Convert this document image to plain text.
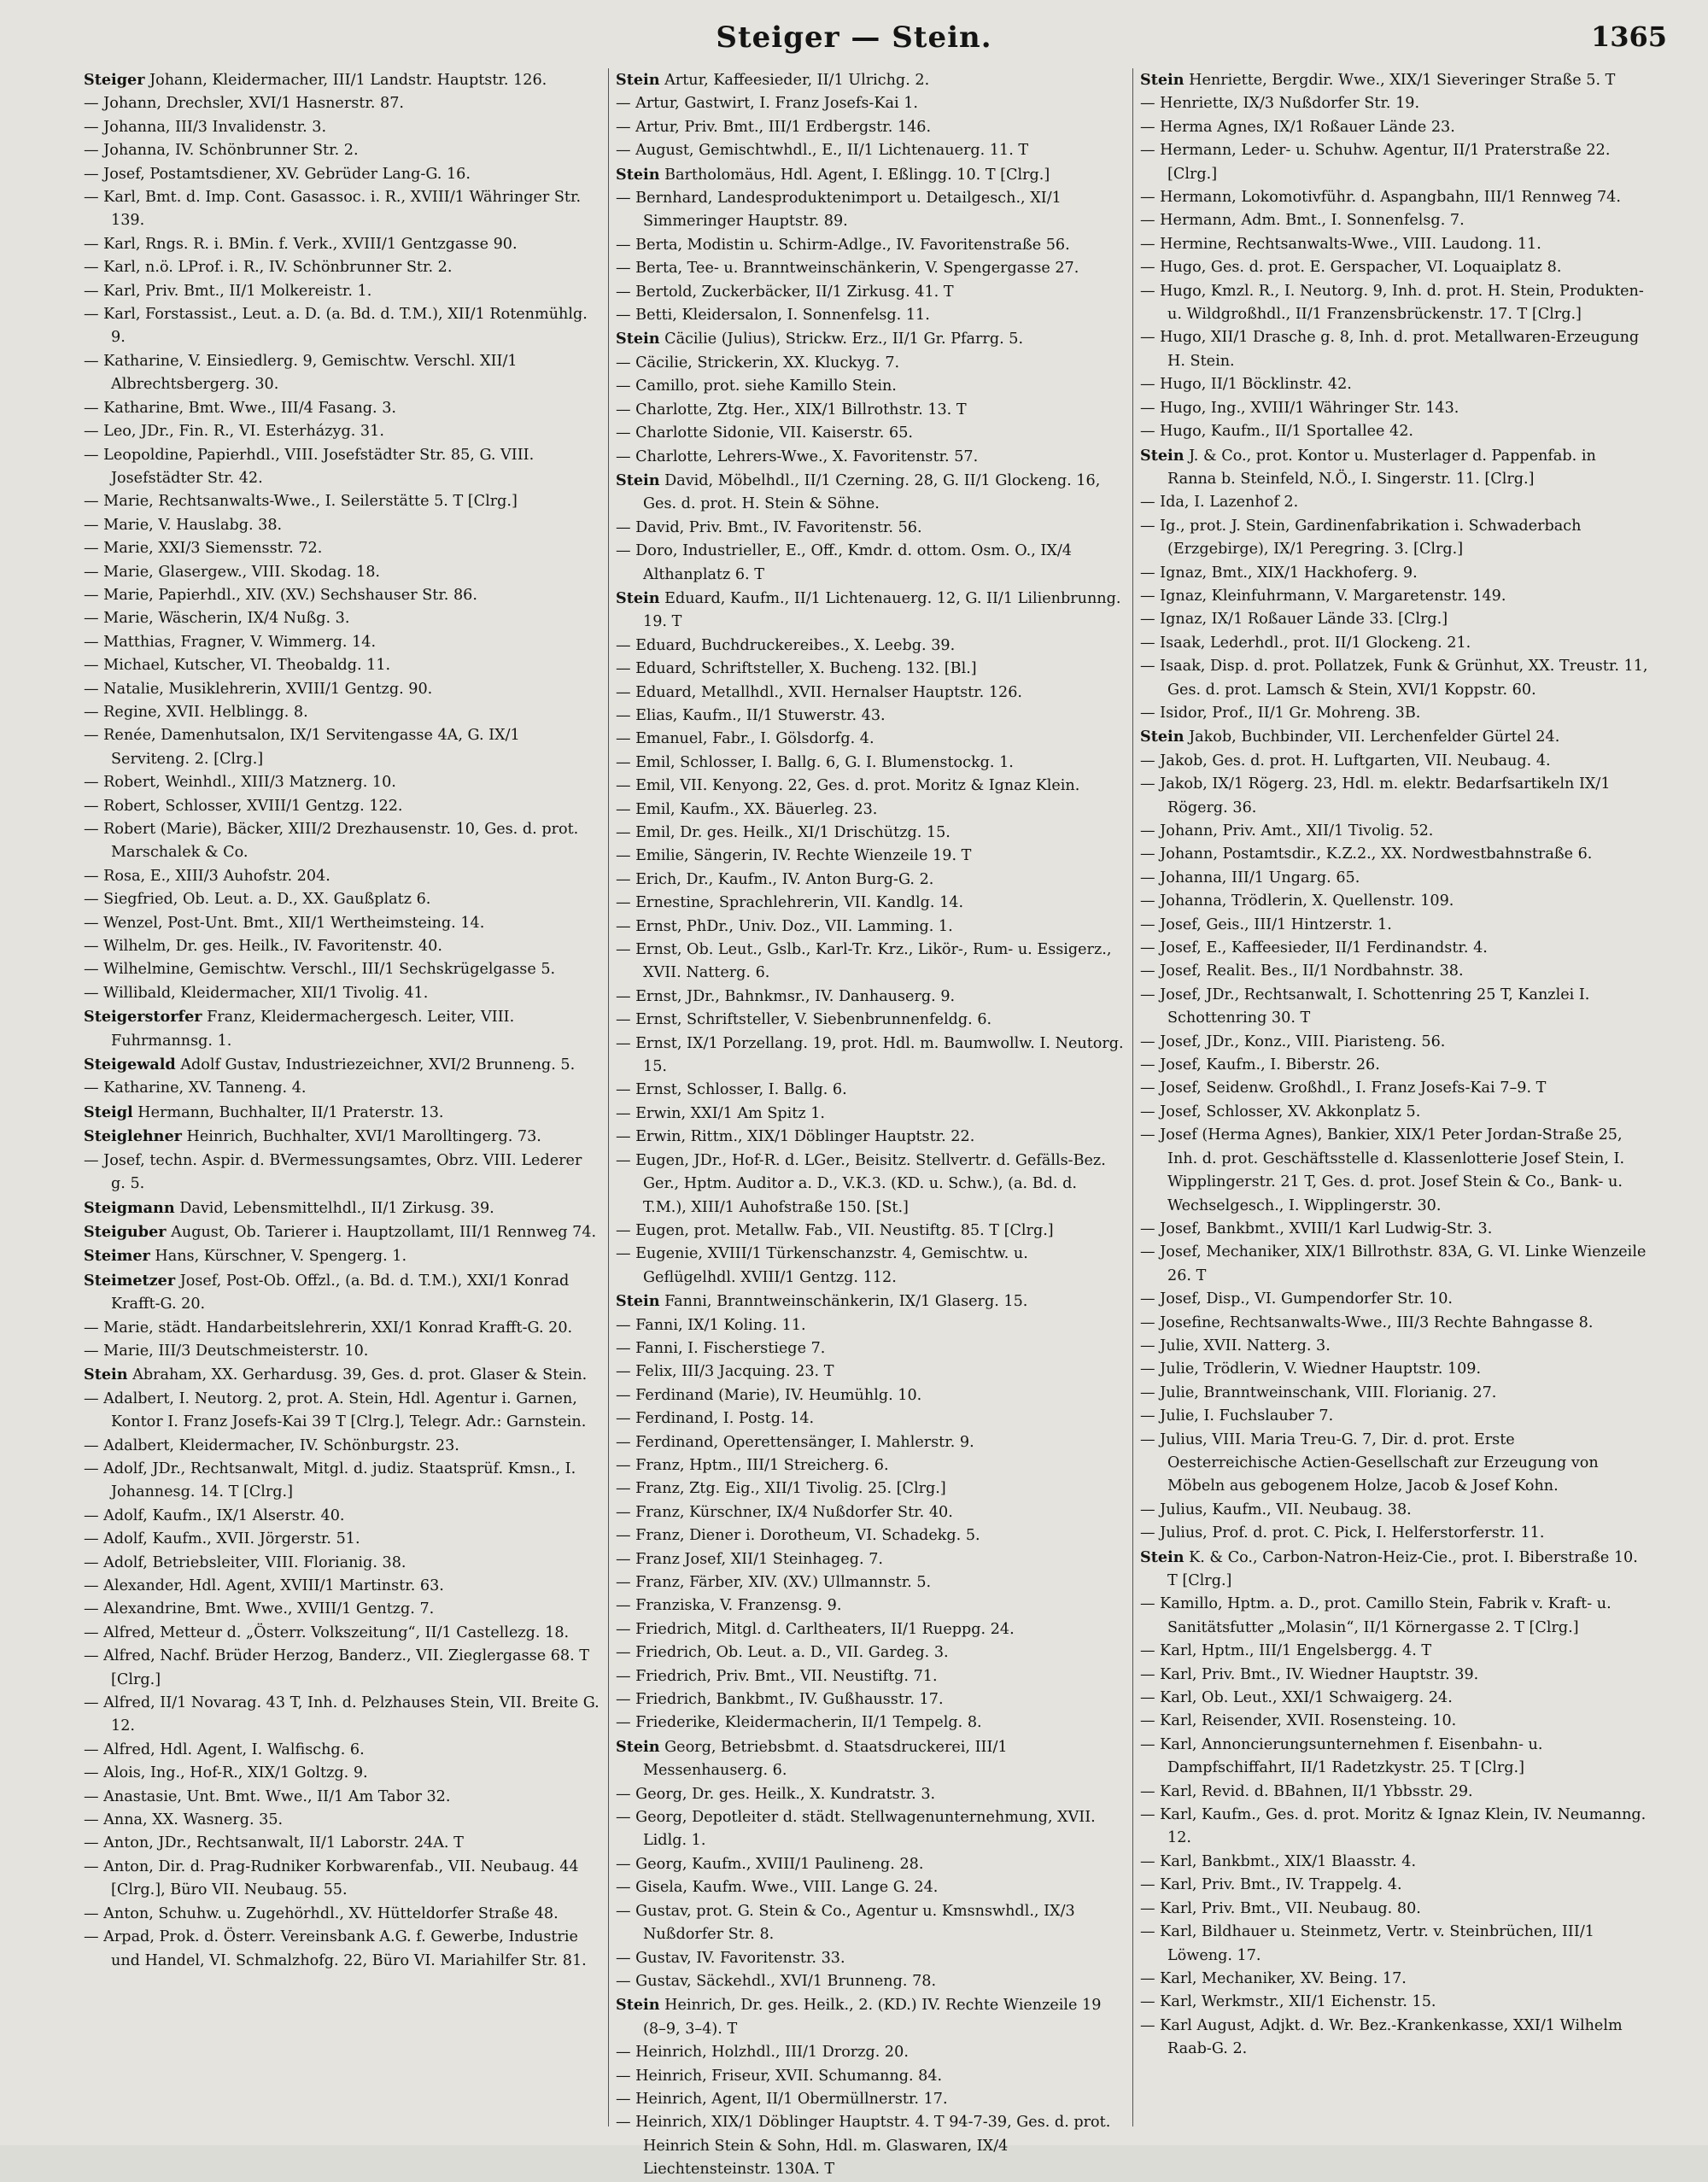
Steiger — Stein.	1365
Steiger Johann, Kleidermacher, III/1 Landstr. Hauptstr. 126.
— Johann, Drechsler, XVI/1 Hasnerstr. 87.
— Johanna, III/3 Invalidenstr. 3.
— Johanna, IV. Schönbrunner Str. 2.
— Josef, Postamtsdiener, XV. Gebrüder Lang-G. 16.
— Karl, Bmt. d. Imp. Cont. Gasassoc. i. R., XVIII/1 Währinger Str. 139.
— Karl, Rngs. R. i. BMin. f. Verk., XVIII/1 Gentzgasse 90.
— Karl, n.ö. LProf. i. R., IV. Schönbrunner Str. 2.
— Karl, Priv. Bmt., II/1 Molkereistr. 1.
— Karl, Forstassist., Leut. a. D. (a. Bd. d. T.M.), XII/1 Rotenmühlg. 9.
— Katharine, V. Einsiedlerg. 9, Gemischtw. Verschl. XII/1 Albrechtsbergerg. 30.
— Katharine, Bmt. Wwe., III/4 Fasang. 3.
— Leo, JDr., Fin. R., VI. Esterházyg. 31.
— Leopoldine, Papierhdl., VIII. Josefstädter Str. 85, G. VIII. Josefstädter Str. 42.
— Marie, Rechtsanwalts-Wwe., I. Seilerstätte 5. T [Clrg.]
— Marie, V. Hauslabg. 38.
— Marie, XXI/3 Siemensstr. 72.
— Marie, Glasergew., VIII. Skodag. 18.
— Marie, Papierhdl., XIV. (XV.) Sechshauser Str. 86.
— Marie, Wäscherin, IX/4 Nußg. 3.
— Matthias, Fragner, V. Wimmerg. 14.
— Michael, Kutscher, VI. Theobaldg. 11.
— Natalie, Musiklehrerin, XVIII/1 Gentzg. 90.
— Regine, XVII. Helblingg. 8.
— Renée, Damenhutsalon, IX/1 Servitengasse 4A, G. IX/1 Serviteng. 2. [Clrg.]
— Robert, Weinhdl., XIII/3 Matznerg. 10.
— Robert, Schlosser, XVIII/1 Gentzg. 122.
— Robert (Marie), Bäcker, XIII/2 Drezhausenstr. 10, Ges. d. prot. Marschalek & Co.
— Rosa, E., XIII/3 Auhofstr. 204.
— Siegfried, Ob. Leut. a. D., XX. Gaußplatz 6.
— Wenzel, Post-Unt. Bmt., XII/1 Wertheimsteing. 14.
— Wilhelm, Dr. ges. Heilk., IV. Favoritenstr. 40.
— Wilhelmine, Gemischtw. Verschl., III/1 Sechskrügelgasse 5.
— Willibald, Kleidermacher, XII/1 Tivolig. 41.
Steigerstorfer Franz, Kleidermachergesch. Leiter, VIII. Fuhrmannsg. 1.
Steigewald Adolf Gustav, Industriezeichner, XVI/2 Brunneng. 5.
— Katharine, XV. Tanneng. 4.
Steigl Hermann, Buchhalter, II/1 Praterstr. 13.
Steiglehner Heinrich, Buchhalter, XVI/1 Marolltingerg. 73.
— Josef, techn. Aspir. d. BVermessungsamtes, Obrz. VIII. Lederer g. 5.
Steigmann David, Lebensmittelhdl., II/1 Zirkusg. 39.
Steiguber August, Ob. Tarierer i. Hauptzollamt, III/1 Rennweg 74.
Steimer Hans, Kürschner, V. Spengerg. 1.
Steimetzer Josef, Post-Ob. Offzl., (a. Bd. d. T.M.), XXI/1 Konrad Krafft-G. 20.
— Marie, städt. Handarbeitslehrerin, XXI/1 Konrad Krafft-G. 20.
— Marie, III/3 Deutschmeisterstr. 10.
Stein Abraham, XX. Gerhardusg. 39, Ges. d. prot. Glaser & Stein.
— Adalbert, I. Neutorg. 2, prot. A. Stein, Hdl. Agentur i. Garnen, Kontor I. Franz Josefs-Kai 39 T [Clrg.], Telegr. Adr.: Garnstein.
— Adalbert, Kleidermacher, IV. Schönburgstr. 23.
— Adolf, JDr., Rechtsanwalt, Mitgl. d. judiz. Staatsprüf. Kmsn., I. Johannesg. 14. T [Clrg.]
— Adolf, Kaufm., IX/1 Alserstr. 40.
— Adolf, Kaufm., XVII. Jörgerstr. 51.
— Adolf, Betriebsleiter, VIII. Florianig. 38.
— Alexander, Hdl. Agent, XVIII/1 Martinstr. 63.
— Alexandrine, Bmt. Wwe., XVIII/1 Gentzg. 7.
— Alfred, Metteur d. „Österr. Volkszeitung“, II/1 Castellezg. 18.
— Alfred, Nachf. Brüder Herzog, Banderz., VII. Zieglergasse 68. T [Clrg.]
— Alfred, II/1 Novarag. 43 T, Inh. d. Pelzhauses Stein, VII. Breite G. 12.
— Alfred, Hdl. Agent, I. Walfischg. 6.
— Alois, Ing., Hof-R., XIX/1 Goltzg. 9.
— Anastasie, Unt. Bmt. Wwe., II/1 Am Tabor 32.
— Anna, XX. Wasnerg. 35.
— Anton, JDr., Rechtsanwalt, II/1 Laborstr. 24A. T
— Anton, Dir. d. Prag-Rudniker Korbwarenfab., VII. Neubaug. 44 [Clrg.], Büro VII. Neubaug. 55.
— Anton, Schuhw. u. Zugehörhdl., XV. Hütteldorfer Straße 48.
— Arpad, Prok. d. Österr. Vereinsbank A.G. f. Gewerbe, Industrie und Handel, VI. Schmalzhofg. 22, Büro VI. Mariahilfer Str. 81.
Stein Artur, Kaffeesieder, II/1 Ulrichg. 2.
— Artur, Gastwirt, I. Franz Josefs-Kai 1.
— Artur, Priv. Bmt., III/1 Erdbergstr. 146.
— August, Gemischtwhdl., E., II/1 Lichtenauerg. 11. T
Stein Bartholomäus, Hdl. Agent, I. Eßlingg. 10. T [Clrg.]
— Bernhard, Landesproduktenimport u. Detailgesch., XI/1 Simmeringer Hauptstr. 89.
— Berta, Modistin u. Schirm-Adlge., IV. Favoritenstraße 56.
— Berta, Tee- u. Branntweinschänkerin, V. Spengergasse 27.
— Bertold, Zuckerbäcker, II/1 Zirkusg. 41. T
— Betti, Kleidersalon, I. Sonnenfelsg. 11.
Stein Cäcilie (Julius), Strickw. Erz., II/1 Gr. Pfarrg. 5.
— Cäcilie, Strickerin, XX. Kluckyg. 7.
— Camillo, prot. siehe Kamillo Stein.
— Charlotte, Ztg. Her., XIX/1 Billrothstr. 13. T
— Charlotte Sidonie, VII. Kaiserstr. 65.
— Charlotte, Lehrers-Wwe., X. Favoritenstr. 57.
Stein David, Möbelhdl., II/1 Czerning. 28, G. II/1 Glockeng. 16, Ges. d. prot. H. Stein & Söhne.
— David, Priv. Bmt., IV. Favoritenstr. 56.
— Doro, Industrieller, E., Off., Kmdr. d. ottom. Osm. O., IX/4 Althanplatz 6. T
Stein Eduard, Kaufm., II/1 Lichtenauerg. 12, G. II/1 Lilienbrunng. 19. T
— Eduard, Buchdruckereibes., X. Leebg. 39.
— Eduard, Schriftsteller, X. Bucheng. 132. [Bl.]
— Eduard, Metallhdl., XVII. Hernalser Hauptstr. 126.
— Elias, Kaufm., II/1 Stuwerstr. 43.
— Emanuel, Fabr., I. Gölsdorfg. 4.
— Emil, Schlosser, I. Ballg. 6, G. I. Blumenstockg. 1.
— Emil, VII. Kenyong. 22, Ges. d. prot. Moritz & Ignaz Klein.
— Emil, Kaufm., XX. Bäuerleg. 23.
— Emil, Dr. ges. Heilk., XI/1 Drischützg. 15.
— Emilie, Sängerin, IV. Rechte Wienzeile 19. T
— Erich, Dr., Kaufm., IV. Anton Burg-G. 2.
— Ernestine, Sprachlehrerin, VII. Kandlg. 14.
— Ernst, PhDr., Univ. Doz., VII. Lamming. 1.
— Ernst, Ob. Leut., Gslb., Karl-Tr. Krz., Likör-, Rum- u. Essigerz., XVII. Natterg. 6.
— Ernst, JDr., Bahnkmsr., IV. Danhauserg. 9.
— Ernst, Schriftsteller, V. Siebenbrunnenfeldg. 6.
— Ernst, IX/1 Porzellang. 19, prot. Hdl. m. Baumwollw. I. Neutorg. 15.
— Ernst, Schlosser, I. Ballg. 6.
— Erwin, XXI/1 Am Spitz 1.
— Erwin, Rittm., XIX/1 Döblinger Hauptstr. 22.
— Eugen, JDr., Hof-R. d. LGer., Beisitz. Stellvertr. d. Gefälls-Bez. Ger., Hptm. Auditor a. D., V.K.3. (KD. u. Schw.), (a. Bd. d. T.M.), XIII/1 Auhofstraße 150. [St.]
— Eugen, prot. Metallw. Fab., VII. Neustiftg. 85. T [Clrg.]
— Eugenie, XVIII/1 Türkenschanzstr. 4, Gemischtw. u. Geflügelhdl. XVIII/1 Gentzg. 112.
Stein Fanni, Branntweinschänkerin, IX/1 Glaserg. 15.
— Fanni, IX/1 Koling. 11.
— Fanni, I. Fischerstiege 7.
— Felix, III/3 Jacquing. 23. T
— Ferdinand (Marie), IV. Heumühlg. 10.
— Ferdinand, I. Postg. 14.
— Ferdinand, Operettensänger, I. Mahlerstr. 9.
— Franz, Hptm., III/1 Streicherg. 6.
— Franz, Ztg. Eig., XII/1 Tivolig. 25. [Clrg.]
— Franz, Kürschner, IX/4 Nußdorfer Str. 40.
— Franz, Diener i. Dorotheum, VI. Schadekg. 5.
— Franz Josef, XII/1 Steinhageg. 7.
— Franz, Färber, XIV. (XV.) Ullmannstr. 5.
— Franziska, V. Franzensg. 9.
— Friedrich, Mitgl. d. Carltheaters, II/1 Rueppg. 24.
— Friedrich, Ob. Leut. a. D., VII. Gardeg. 3.
— Friedrich, Priv. Bmt., VII. Neustiftg. 71.
— Friedrich, Bankbmt., IV. Gußhausstr. 17.
— Friederike, Kleidermacherin, II/1 Tempelg. 8.
Stein Georg, Betriebsbmt. d. Staatsdruckerei, III/1 Messenhauserg. 6.
— Georg, Dr. ges. Heilk., X. Kundratstr. 3.
— Georg, Depotleiter d. städt. Stellwagenunternehmung, XVII. Lidlg. 1.
— Georg, Kaufm., XVIII/1 Paulineng. 28.
— Gisela, Kaufm. Wwe., VIII. Lange G. 24.
— Gustav, prot. G. Stein & Co., Agentur u. Kmsnswhdl., IX/3 Nußdorfer Str. 8.
— Gustav, IV. Favoritenstr. 33.
— Gustav, Säckehdl., XVI/1 Brunneng. 78.
Stein Heinrich, Dr. ges. Heilk., 2. (KD.) IV. Rechte Wienzeile 19 (8–9, 3–4). T
— Heinrich, Holzhdl., III/1 Drorzg. 20.
— Heinrich, Friseur, XVII. Schumanng. 84.
— Heinrich, Agent, II/1 Obermüllnerstr. 17.
— Heinrich, XIX/1 Döblinger Hauptstr. 4. T 94-7-39, Ges. d. prot. Heinrich Stein & Sohn, Hdl. m. Glaswaren, IX/4 Liechtensteinstr. 130A. T
Stein Henriette, Bergdir. Wwe., XIX/1 Sieveringer Straße 5. T
— Henriette, IX/3 Nußdorfer Str. 19.
— Herma Agnes, IX/1 Roßauer Lände 23.
— Hermann, Leder- u. Schuhw. Agentur, II/1 Praterstraße 22. [Clrg.]
— Hermann, Lokomotivführ. d. Aspangbahn, III/1 Rennweg 74.
— Hermann, Adm. Bmt., I. Sonnenfelsg. 7.
— Hermine, Rechtsanwalts-Wwe., VIII. Laudong. 11.
— Hugo, Ges. d. prot. E. Gerspacher, VI. Loquaiplatz 8.
— Hugo, Kmzl. R., I. Neutorg. 9, Inh. d. prot. H. Stein, Produkten- u. Wildgroßhdl., II/1 Franzensbrückenstr. 17. T [Clrg.]
— Hugo, XII/1 Drasche g. 8, Inh. d. prot. Metallwaren-Erzeugung H. Stein.
— Hugo, II/1 Böcklinstr. 42.
— Hugo, Ing., XVIII/1 Währinger Str. 143.
— Hugo, Kaufm., II/1 Sportallee 42.
Stein J. & Co., prot. Kontor u. Musterlager d. Pappenfab. in Ranna b. Steinfeld, N.Ö., I. Singerstr. 11. [Clrg.]
— Ida, I. Lazenhof 2.
— Ig., prot. J. Stein, Gardinenfabrikation i. Schwaderbach (Erzgebirge), IX/1 Peregring. 3. [Clrg.]
— Ignaz, Bmt., XIX/1 Hackhoferg. 9.
— Ignaz, Kleinfuhrmann, V. Margaretenstr. 149.
— Ignaz, IX/1 Roßauer Lände 33. [Clrg.]
— Isaak, Lederhdl., prot. II/1 Glockeng. 21.
— Isaak, Disp. d. prot. Pollatzek, Funk & Grünhut, XX. Treustr. 11, Ges. d. prot. Lamsch & Stein, XVI/1 Koppstr. 60.
— Isidor, Prof., II/1 Gr. Mohreng. 3B.
Stein Jakob, Buchbinder, VII. Lerchenfelder Gürtel 24.
— Jakob, Ges. d. prot. H. Luftgarten, VII. Neubaug. 4.
— Jakob, IX/1 Rögerg. 23, Hdl. m. elektr. Bedarfsartikeln IX/1 Rögerg. 36.
— Johann, Priv. Amt., XII/1 Tivolig. 52.
— Johann, Postamtsdir., K.Z.2., XX. Nordwestbahnstraße 6.
— Johanna, III/1 Ungarg. 65.
— Johanna, Trödlerin, X. Quellenstr. 109.
— Josef, Geis., III/1 Hintzerstr. 1.
— Josef, E., Kaffeesieder, II/1 Ferdinandstr. 4.
— Josef, Realit. Bes., II/1 Nordbahnstr. 38.
— Josef, JDr., Rechtsanwalt, I. Schottenring 25 T, Kanzlei I. Schottenring 30. T
— Josef, JDr., Konz., VIII. Piaristeng. 56.
— Josef, Kaufm., I. Biberstr. 26.
— Josef, Seidenw. Großhdl., I. Franz Josefs-Kai 7–9. T
— Josef, Schlosser, XV. Akkonplatz 5.
— Josef (Herma Agnes), Bankier, XIX/1 Peter Jordan-Straße 25, Inh. d. prot. Geschäftsstelle d. Klassenlotterie Josef Stein, I. Wipplingerstr. 21 T, Ges. d. prot. Josef Stein & Co., Bank- u. Wechselgesch., I. Wipplingerstr. 30.
— Josef, Bankbmt., XVIII/1 Karl Ludwig-Str. 3.
— Josef, Mechaniker, XIX/1 Billrothstr. 83A, G. VI. Linke Wienzeile 26. T
— Josef, Disp., VI. Gumpendorfer Str. 10.
— Josefine, Rechtsanwalts-Wwe., III/3 Rechte Bahngasse 8.
— Julie, XVII. Natterg. 3.
— Julie, Trödlerin, V. Wiedner Hauptstr. 109.
— Julie, Branntweinschank, VIII. Florianig. 27.
— Julie, I. Fuchslauber 7.
— Julius, VIII. Maria Treu-G. 7, Dir. d. prot. Erste Oesterreichische Actien-Gesellschaft zur Erzeugung von Möbeln aus gebogenem Holze, Jacob & Josef Kohn.
— Julius, Kaufm., VII. Neubaug. 38.
— Julius, Prof. d. prot. C. Pick, I. Helferstorferstr. 11.
Stein K. & Co., Carbon-Natron-Heiz-Cie., prot. I. Biberstraße 10. T [Clrg.]
— Kamillo, Hptm. a. D., prot. Camillo Stein, Fabrik v. Kraft- u. Sanitätsfutter „Molasin“, II/1 Körnergasse 2. T [Clrg.]
— Karl, Hptm., III/1 Engelsbergg. 4. T
— Karl, Priv. Bmt., IV. Wiedner Hauptstr. 39.
— Karl, Ob. Leut., XXI/1 Schwaigerg. 24.
— Karl, Reisender, XVII. Rosensteing. 10.
— Karl, Annoncierungsunternehmen f. Eisenbahn- u. Dampfschiffahrt, II/1 Radetzkystr. 25. T [Clrg.]
— Karl, Revid. d. BBahnen, II/1 Ybbsstr. 29.
— Karl, Kaufm., Ges. d. prot. Moritz & Ignaz Klein, IV. Neumanng. 12.
— Karl, Bankbmt., XIX/1 Blaasstr. 4.
— Karl, Priv. Bmt., IV. Trappelg. 4.
— Karl, Priv. Bmt., VII. Neubaug. 80.
— Karl, Bildhauer u. Steinmetz, Vertr. v. Steinbrüchen, III/1 Löweng. 17.
— Karl, Mechaniker, XV. Being. 17.
— Karl, Werkmstr., XII/1 Eichenstr. 15.
— Karl August, Adjkt. d. Wr. Bez.-Krankenkasse, XXI/1 Wilhelm Raab-G. 2.
